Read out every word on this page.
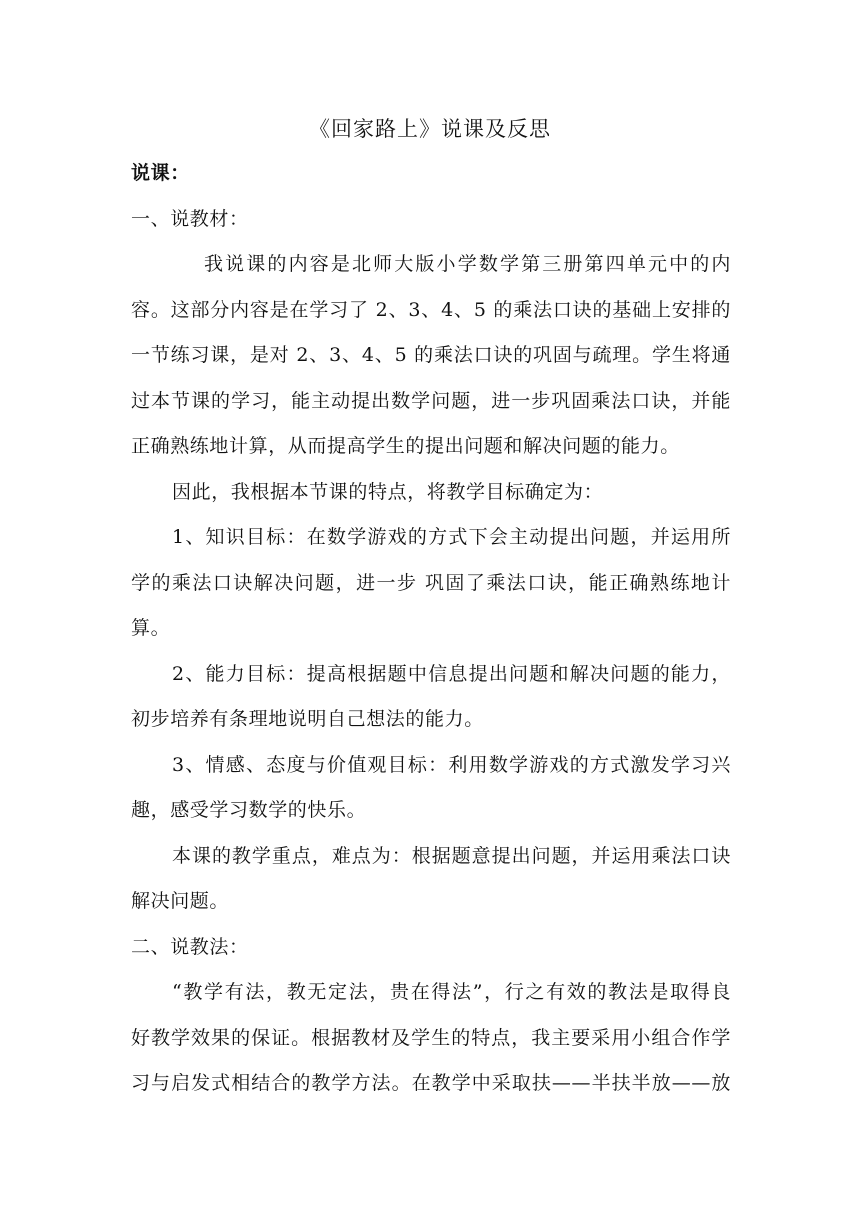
《回家路上》说课及反思
说课：
一、说教材：
我说课的内容是北师大版小学数学第三册第四单元中的内
容。这部分内容是在学习了 2、3、4、5 的乘法口诀的基础上安排的
一节练习课，是对 2、3、4、5 的乘法口诀的巩固与疏理。学生将通
过本节课的学习，能主动提出数学问题，进一步巩固乘法口诀，并能
正确熟练地计算，从而提高学生的提出问题和解决问题的能力。
因此，我根据本节课的特点，将教学目标确定为：
1、知识目标：在数学游戏的方式下会主动提出问题，并运用所
学的乘法口诀解决问题，进一步 巩固了乘法口诀，能正确熟练地计
算。
2、能力目标：提高根据题中信息提出问题和解决问题的能力，
初步培养有条理地说明自己想法的能力。
3、情感、态度与价值观目标：利用数学游戏的方式激发学习兴
趣，感受学习数学的快乐。
本课的教学重点，难点为：根据题意提出问题，并运用乘法口诀
解决问题。
二、说教法：
“教学有法，教无定法，贵在得法”，行之有效的教法是取得良
好教学效果的保证。根据教材及学生的特点，我主要采用小组合作学
习与启发式相结合的教学方法。在教学中采取扶——半扶半放——放
